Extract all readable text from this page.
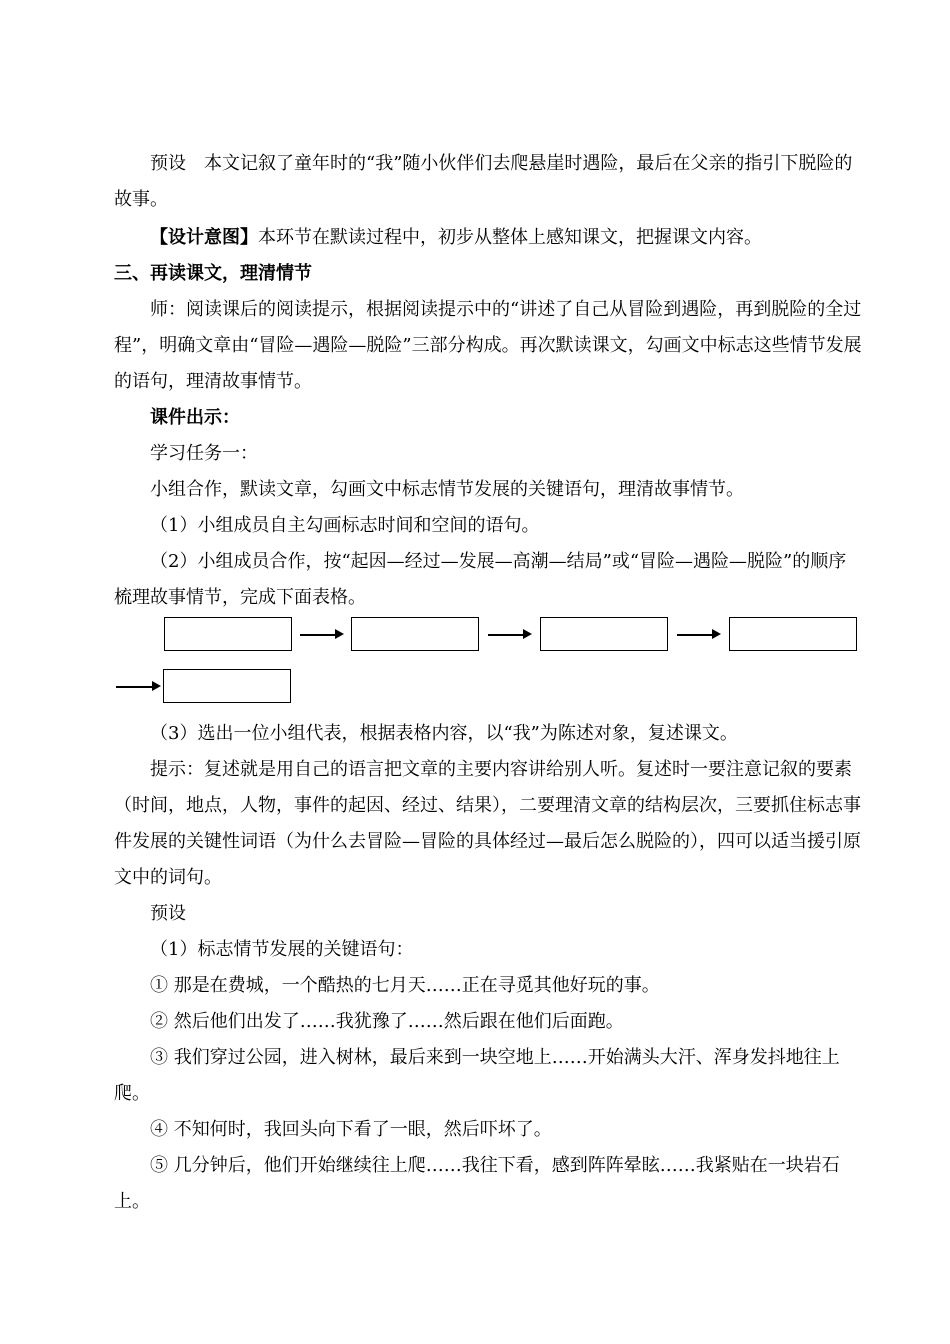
预设　本文记叙了童年时的“我”随小伙伴们去爬悬崖时遇险，最后在父亲的指引下脱险的故事。

【设计意图】本环节在默读过程中，初步从整体上感知课文，把握课文内容。

三、再读课文，理清情节

师：阅读课后的阅读提示，根据阅读提示中的“讲述了自己从冒险到遇险，再到脱险的全过程”，明确文章由“冒险—遇险—脱险”三部分构成。再次默读课文，勾画文中标志这些情节发展的语句，理清故事情节。

课件出示：

学习任务一：

小组合作，默读文章，勾画文中标志情节发展的关键语句，理清故事情节。

（1）小组成员自主勾画标志时间和空间的语句。

（2）小组成员合作，按“起因—经过—发展—高潮—结局”或“冒险—遇险—脱险”的顺序梳理故事情节，完成下面表格。

（3）选出一位小组代表，根据表格内容，以“我”为陈述对象，复述课文。

提示：复述就是用自己的语言把文章的主要内容讲给别人听。复述时一要注意记叙的要素（时间，地点，人物，事件的起因、经过、结果），二要理清文章的结构层次，三要抓住标志事件发展的关键性词语（为什么去冒险—冒险的具体经过—最后怎么脱险的），四可以适当援引原文中的词句。

预设

（1）标志情节发展的关键语句：

① 那是在费城，一个酷热的七月天……正在寻觅其他好玩的事。

② 然后他们出发了……我犹豫了……然后跟在他们后面跑。

③ 我们穿过公园，进入树林，最后来到一块空地上……开始满头大汗、浑身发抖地往上爬。

④ 不知何时，我回头向下看了一眼，然后吓坏了。

⑤ 几分钟后，他们开始继续往上爬……我往下看，感到阵阵晕眩……我紧贴在一块岩石上。
